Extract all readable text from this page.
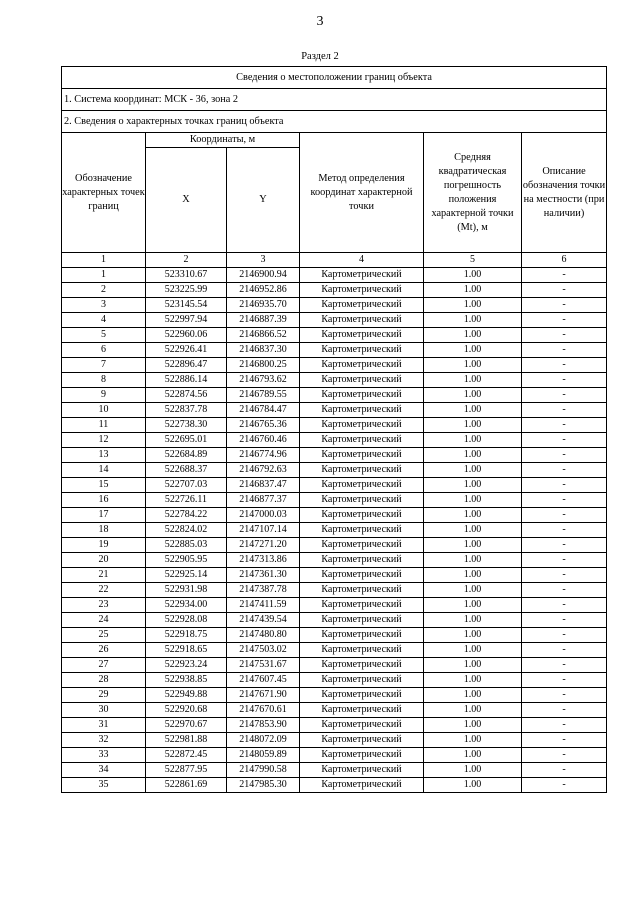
3
Раздел 2
Сведения о местоположении границ объекта					
1. Система координат: МСК - 36, зона 2					
2. Сведения о характерных точках границ объекта					
Обозначение характерных точек границ	Координаты, м		Метод определения координат характерной точки	Средняя квадратическая погрешность положения характерной точки (Mt), м	Описание обозначения точки на местности (при наличии)
	X	Y			
1	2	3	4	5	6
1	523310.67	2146900.94	Картометрический	1.00	-
2	523225.99	2146952.86	Картометрический	1.00	-
3	523145.54	2146935.70	Картометрический	1.00	-
4	522997.94	2146887.39	Картометрический	1.00	-
5	522960.06	2146866.52	Картометрический	1.00	-
6	522926.41	2146837.30	Картометрический	1.00	-
7	522896.47	2146800.25	Картометрический	1.00	-
8	522886.14	2146793.62	Картометрический	1.00	-
9	522874.56	2146789.55	Картометрический	1.00	-
10	522837.78	2146784.47	Картометрический	1.00	-
11	522738.30	2146765.36	Картометрический	1.00	-
12	522695.01	2146760.46	Картометрический	1.00	-
13	522684.89	2146774.96	Картометрический	1.00	-
14	522688.37	2146792.63	Картометрический	1.00	-
15	522707.03	2146837.47	Картометрический	1.00	-
16	522726.11	2146877.37	Картометрический	1.00	-
17	522784.22	2147000.03	Картометрический	1.00	-
18	522824.02	2147107.14	Картометрический	1.00	-
19	522885.03	2147271.20	Картометрический	1.00	-
20	522905.95	2147313.86	Картометрический	1.00	-
21	522925.14	2147361.30	Картометрический	1.00	-
22	522931.98	2147387.78	Картометрический	1.00	-
23	522934.00	2147411.59	Картометрический	1.00	-
24	522928.08	2147439.54	Картометрический	1.00	-
25	522918.75	2147480.80	Картометрический	1.00	-
26	522918.65	2147503.02	Картометрический	1.00	-
27	522923.24	2147531.67	Картометрический	1.00	-
28	522938.85	2147607.45	Картометрический	1.00	-
29	522949.88	2147671.90	Картометрический	1.00	-
30	522920.68	2147670.61	Картометрический	1.00	-
31	522970.67	2147853.90	Картометрический	1.00	-
32	522981.88	2148072.09	Картометрический	1.00	-
33	522872.45	2148059.89	Картометрический	1.00	-
34	522877.95	2147990.58	Картометрический	1.00	-
35	522861.69	2147985.30	Картометрический	1.00	-
